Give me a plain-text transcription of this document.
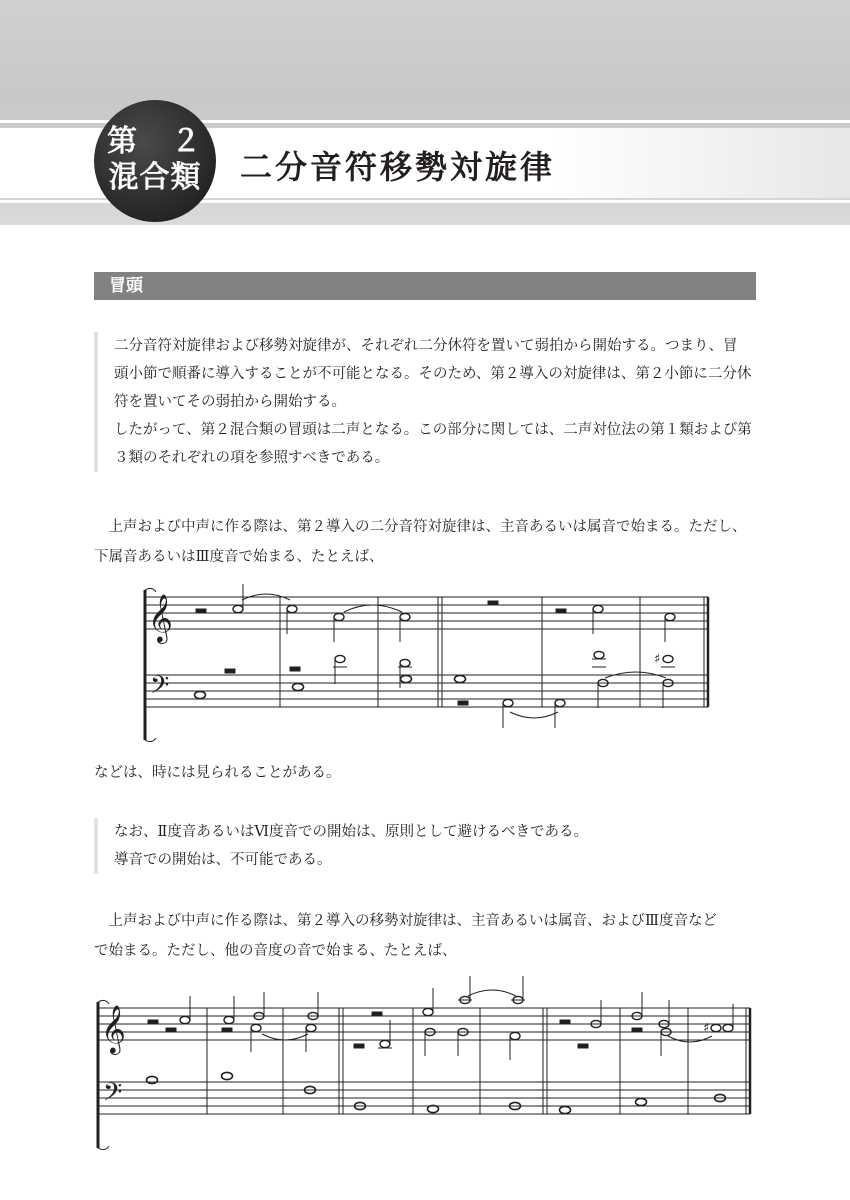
第　２
混合類	二分音符移勢対旋律
冒頭

二分音符対旋律および移勢対旋律が、それぞれ二分休符を置いて弱拍から開始する。つまり、冒

頭小節で順番に導入することが不可能となる。そのため、第２導入の対旋律は、第２小節に二分休

符を置いてその弱拍から開始する。

したがって、第２混合類の冒頭は二声となる。この部分に関しては、二声対位法の第１類および第

３類のそれぞれの項を参照すべきである。

　上声および中声に作る際は、第２導入の二分音符対旋律は、主音あるいは属音で始まる。ただし、
下属音あるいはⅢ度音で始まる、たとえば、
𝄞
𝄢
♯
などは、時には見られることがある。

なお、Ⅱ度音あるいはⅥ度音での開始は、原則として避けるべきである。

導音での開始は、不可能である。

　上声および中声に作る際は、第２導入の移勢対旋律は、主音あるいは属音、およびⅢ度音など
で始まる。ただし、他の音度の音で始まる、たとえば、
𝄞
𝄢
♯
